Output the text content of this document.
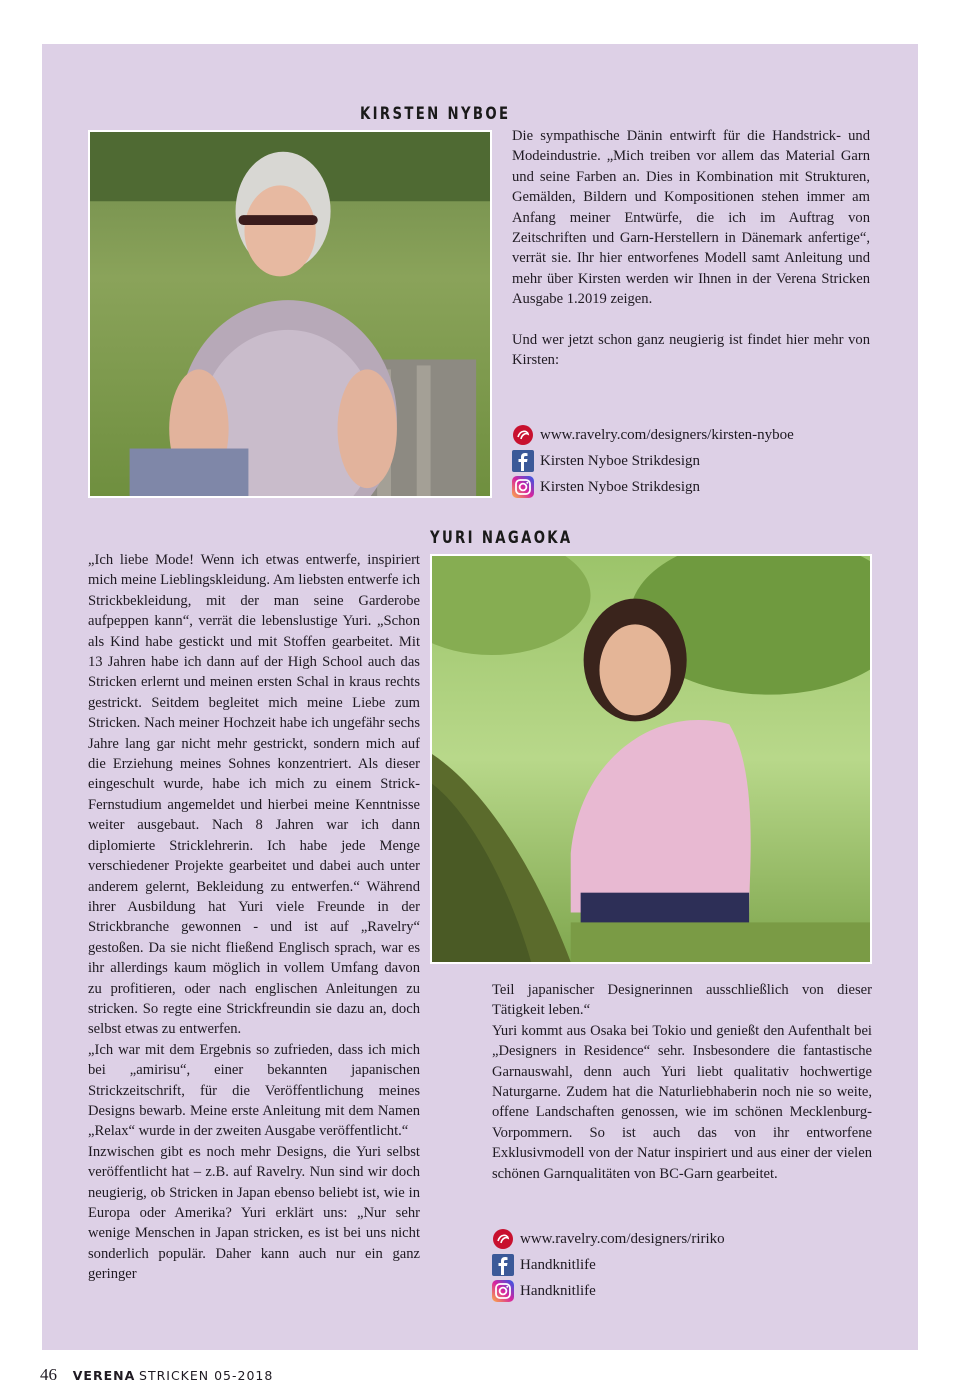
KIRSTEN NYBOE

Die sympathische Dänin entwirft für die Handstrick- und Modeindustrie. „Mich treiben vor allem das Material Garn und seine Farben an. Dies in Kombination mit Strukturen, Gemälden, Bildern und Kompositionen stehen immer am Anfang meiner Entwürfe, die ich im Auftrag von Zeitschriften und Garn-Herstellern in Dänemark anfertige“, verrät sie. Ihr hier entworfenes Modell samt Anleitung und mehr über Kirsten werden wir Ihnen in der Verena Stricken Ausgabe 1.2019 zeigen.

Und wer jetzt schon ganz neugierig ist findet hier mehr von Kirsten:

www.ravelry.com/designers/kirsten-nyboe
Kirsten Nyboe Strikdesign
Kirsten Nyboe Strikdesign
YURI NAGAOKA

„Ich liebe Mode! Wenn ich etwas entwerfe, inspiriert mich meine Lieblingskleidung. Am liebsten entwerfe ich Strickbekleidung, mit der man seine Garderobe aufpeppen kann“, verrät die lebenslustige Yuri. „Schon als Kind habe gestickt und mit Stoffen gearbeitet. Mit 13 Jahren habe ich dann auf der High School auch das Stricken erlernt und meinen ersten Schal in kraus rechts gestrickt. Seitdem begleitet mich meine Liebe zum Stricken. Nach meiner Hochzeit habe ich ungefähr sechs Jahre lang gar nicht mehr gestrickt, sondern mich auf die Erziehung meines Sohnes konzentriert. Als dieser eingeschult wurde, habe ich mich zu einem Strick-Fernstudium angemeldet und hierbei meine Kenntnisse weiter ausgebaut. Nach 8 Jahren war ich dann diplomierte Stricklehrerin. Ich habe jede Menge verschiedener Projekte gearbeitet und dabei auch unter anderem gelernt, Bekleidung zu entwerfen.“ Während ihrer Ausbildung hat Yuri viele Freunde in der Strickbranche gewonnen - und ist auf „Ravelry“ gestoßen. Da sie nicht fließend Englisch sprach, war es ihr allerdings kaum möglich in vollem Umfang davon zu profitieren, oder nach englischen Anleitungen zu stricken. So regte eine Strickfreundin sie dazu an, doch selbst etwas zu entwerfen.

„Ich war mit dem Ergebnis so zufrieden, dass ich mich bei „amirisu“, einer bekannten japanischen Strickzeitschrift, für die Veröffentlichung meines Designs bewarb. Meine erste Anleitung mit dem Namen „Relax“ wurde in der zweiten Ausgabe veröffentlicht.“

Inzwischen gibt es noch mehr Designs, die Yuri selbst veröffentlicht hat – z.B. auf Ravelry. Nun sind wir doch neugierig, ob Stricken in Japan ebenso beliebt ist, wie in Europa oder Amerika? Yuri erklärt uns: „Nur sehr wenige Menschen in Japan stricken, es ist bei uns nicht sonderlich populär. Daher kann auch nur ein ganz geringer

Teil japanischer Designerinnen ausschließlich von dieser Tätigkeit leben.“

Yuri kommt aus Osaka bei Tokio und genießt den Aufenthalt bei „Designers in Residence“ sehr. Insbesondere die fantastische Garnauswahl, denn auch Yuri liebt qualitativ hochwertige Naturgarne. Zudem hat die Naturliebhaberin noch nie so weite, offene Landschaften genossen, wie im schönen Mecklenburg-Vorpommern. So ist auch das von ihr entworfene Exklusivmodell von der Natur inspiriert und aus einer der vielen schönen Garnqualitäten von BC-Garn gearbeitet.

www.ravelry.com/designers/ririko
Handknitlife
Handknitlife
46 VERENA STRICKEN 05-2018
